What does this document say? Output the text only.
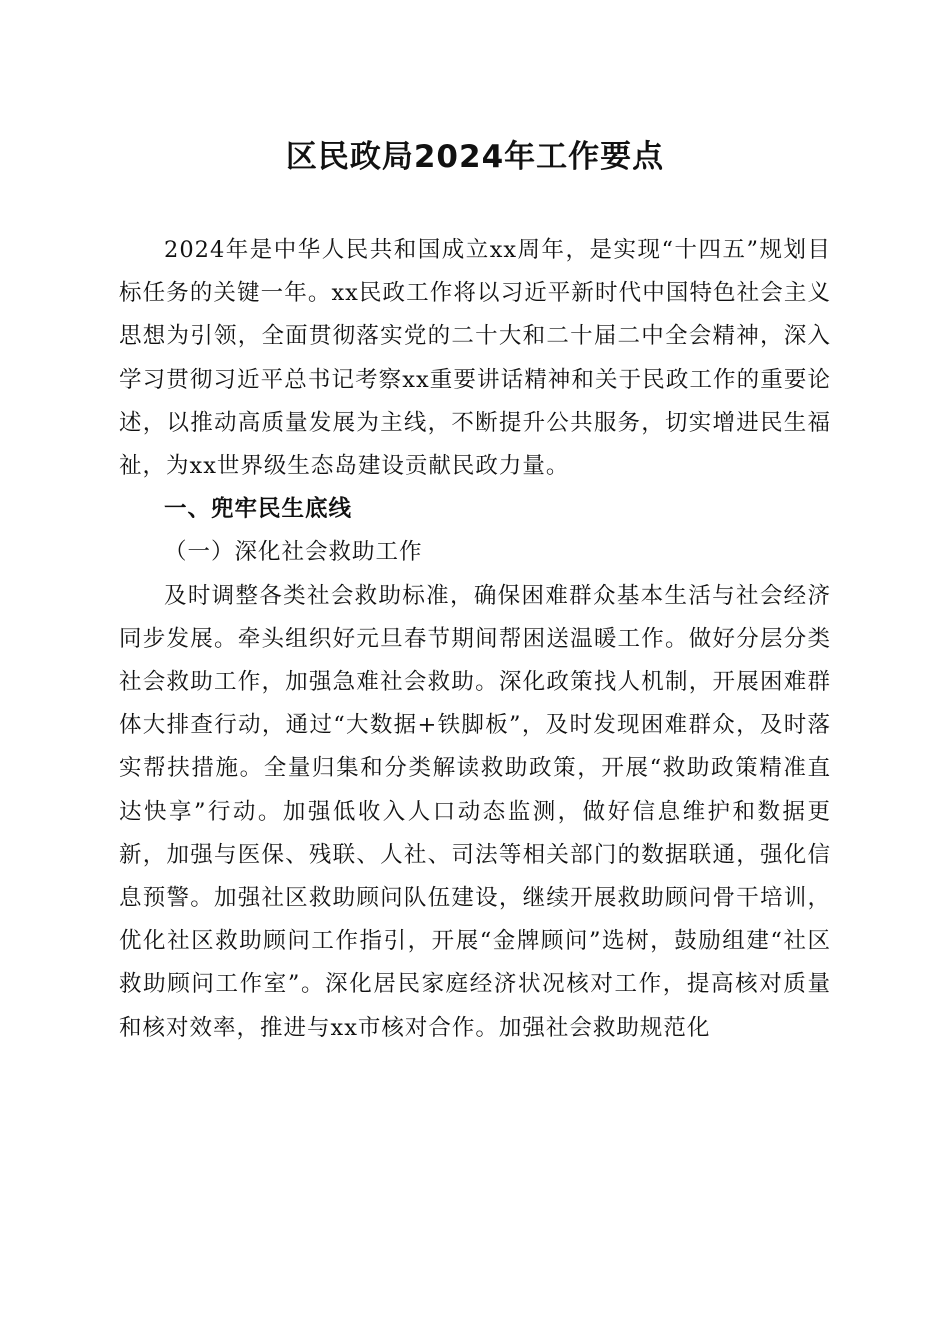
区民政局2024年工作要点

2024年是中华人民共和国成立xx周年，是实现“十四五”规划目标任务的关键一年。xx民政工作将以习近平新时代中国特色社会主义思想为引领，全面贯彻落实党的二十大和二十届二中全会精神，深入学习贯彻习近平总书记考察xx重要讲话精神和关于民政工作的重要论述，以推动高质量发展为主线，不断提升公共服务，切实增进民生福祉，为xx世界级生态岛建设贡献民政力量。

一、兜牢民生底线
（一）深化社会救助工作

及时调整各类社会救助标准，确保困难群众基本生活与社会经济同步发展。牵头组织好元旦春节期间帮困送温暖工作。做好分层分类社会救助工作，加强急难社会救助。深化政策找人机制，开展困难群体大排查行动，通过“大数据+铁脚板”，及时发现困难群众，及时落实帮扶措施。全量归集和分类解读救助政策，开展“救助政策精准直达快享”行动。加强低收入人口动态监测，做好信息维护和数据更新，加强与医保、残联、人社、司法等相关部门的数据联通，强化信息预警。加强社区救助顾问队伍建设，继续开展救助顾问骨干培训，优化社区救助顾问工作指引，开展“金牌顾问”选树，鼓励组建“社区救助顾问工作室”。深化居民家庭经济状况核对工作，提高核对质量和核对效率，推进与xx市核对合作。加强社会救助规范化
